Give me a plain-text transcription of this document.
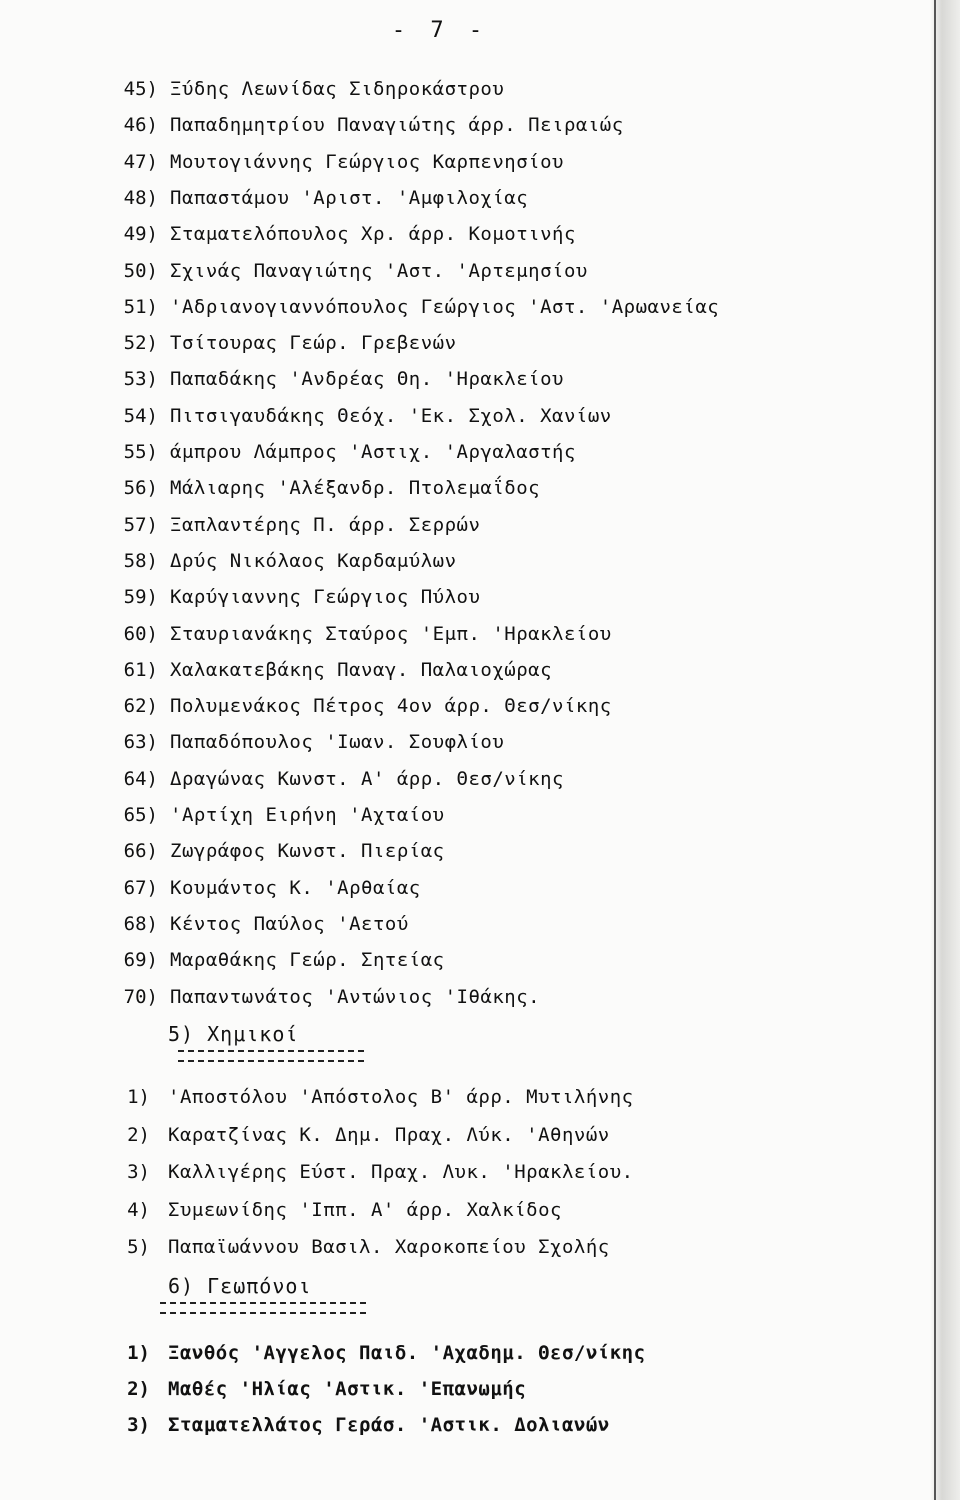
- 7 -
45) Ξύδης Λεωνίδας Σιδηροκάστρου
46) Παπαδημητρίου Παναγιώτης άρρ. Πειραιώς
47) Μουτογιάννης Γεώργιος Καρπενησίου
48) Παπαστάμου 'Αριστ. 'Αμφιλοχίας
49) Σταματελόπουλος Χρ. άρρ. Κομοτινής
50) Σχινάς Παναγιώτης 'Αστ. 'Αρτεμησίου
51) 'Αδριανογιαννόπουλος Γεώργιος 'Αστ. 'Αρωανείας
52) Τσίτουρας Γεώρ. Γρεβενών
53) Παπαδάκης 'Ανδρέας Θη. 'Ηρακλείου
54) Πιτσιγαυδάκης Θεόχ. 'Εκ. Σχολ. Χανίων
55) άμπρου Λάμπρος 'Αστιχ. 'Αργαλαστής
56) Μάλιαρης 'Αλέξανδρ. Πτολεμαΐδος
57) Ξαπλαντέρης Π. άρρ. Σερρών
58) Δρύς Νικόλαος Καρδαμύλων
59) Καρύγιαννης Γεώργιος Πύλου
60) Σταυριανάκης Σταύρος 'Εμπ. 'Ηρακλείου
61) Χαλακατεβάκης Παναγ. Παλαιοχώρας
62) Πολυμενάκος Πέτρος 4ον άρρ. Θεσ/νίκης
63) Παπαδόπουλος 'Ιωαν. Σουφλίου
64) Δραγώνας Κωνστ. Α' άρρ. Θεσ/νίκης
65) 'Αρτίχη Ειρήνη 'Αχταίου
66) Ζωγράφος Κωνστ. Πιερίας
67) Κουμάντος Κ. 'Αρθαίας
68) Κέντος Παύλος 'Αετού
69) Μαραθάκης Γεώρ. Σητείας
70) Παπαντωνάτος 'Αντώνιος 'Ιθάκης.
5) Χημικοί
1) 'Αποστόλου 'Απόστολος Β' άρρ. Μυτιλήνης
2) Καρατζίνας Κ. Δημ. Πραχ. Λύκ. 'Αθηνών
3) Καλλιγέρης Εύστ. Πραχ. Λυκ. 'Ηρακλείου.
4) Συμεωνίδης 'Ιππ. Α' άρρ. Χαλκίδος
5) Παπαϊωάννου Βασιλ. Χαροκοπείου Σχολής
6) Γεωπόνοι
1) Ξανθός 'Αγγελος Παιδ. 'Αχαδημ. Θεσ/νίκης
2) Μαθές 'Ηλίας 'Αστικ. 'Επανωμής
3) Σταματελλάτος Γεράσ. 'Αστικ. Δολιανών
